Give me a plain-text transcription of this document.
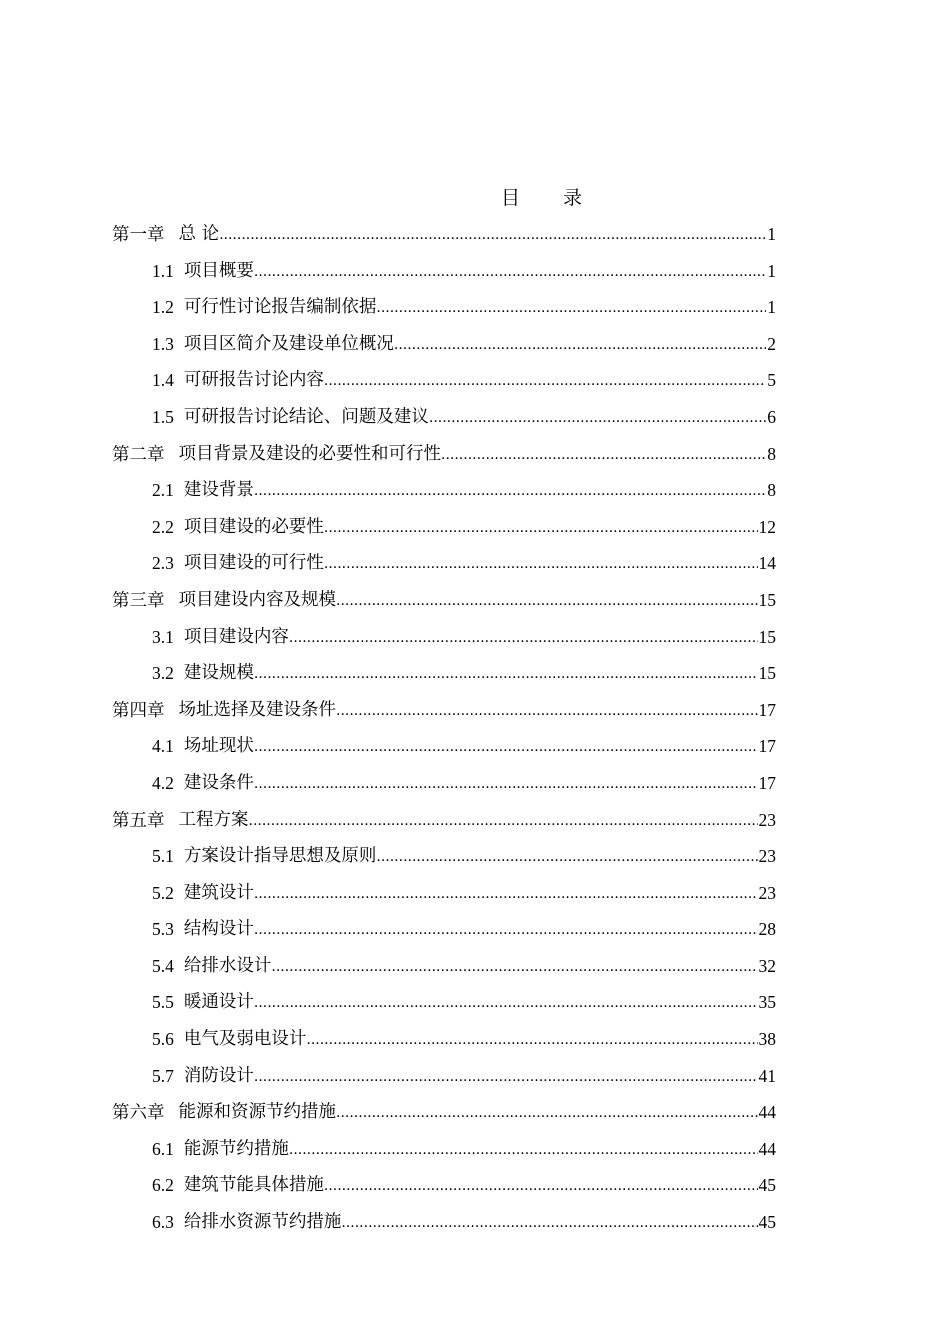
目　录
第一章 总 论 .....	1
1.1 项目概要 .....	1
1.2 可行性讨论报告编制依据 .....	1
1.3 项目区简介及建设单位概况 .....	2
1.4 可研报告讨论内容 .....	5
1.5 可研报告讨论结论、问题及建议 .....	6
第二章 项目背景及建设的必要性和可行性 .....	8
2.1 建设背景 .....	8
2.2 项目建设的必要性 .....	12
2.3 项目建设的可行性 .....	14
第三章 项目建设内容及规模 .....	15
3.1 项目建设内容 .....	15
3.2 建设规模 .....	15
第四章 场址选择及建设条件 .....	17
4.1 场址现状 .....	17
4.2 建设条件 .....	17
第五章 工程方案 .....	23
5.1 方案设计指导思想及原则 .....	23
5.2 建筑设计 .....	23
5.3 结构设计 .....	28
5.4 给排水设计 .....	32
5.5 暖通设计 .....	35
5.6 电气及弱电设计 .....	38
5.7 消防设计 .....	41
第六章 能源和资源节约措施 .....	44
6.1 能源节约措施 .....	44
6.2 建筑节能具体措施 .....	45
6.3 给排水资源节约措施 .....	45
